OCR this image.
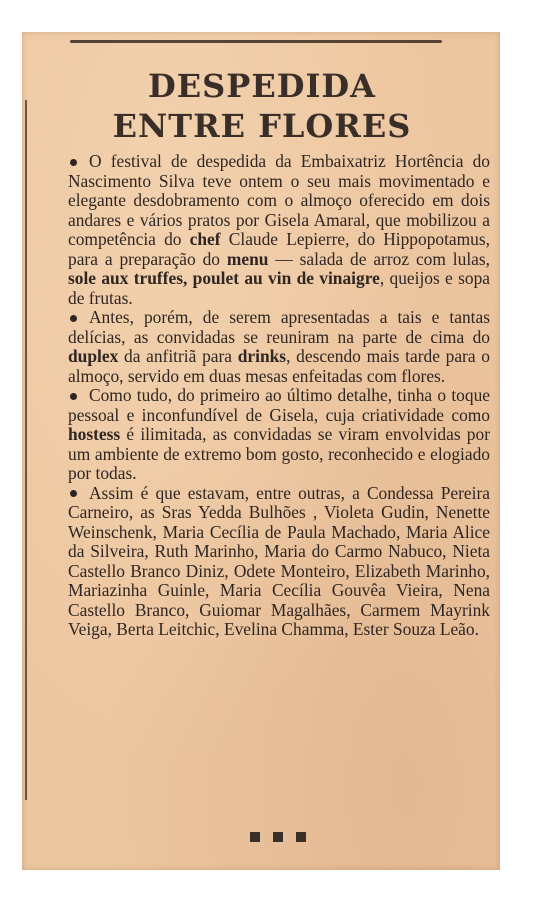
DESPEDIDA
ENTRE FLORES

O festival de despedida da Embaixatriz Hortência do Nascimento Silva teve ontem o seu mais movimentado e elegante desdobramento com o almoço oferecido em dois andares e vários pratos por Gisela Amaral, que mobilizou a competência do chef Claude Lepierre, do Hippopotamus, para a preparação do menu — salada de arroz com lulas, sole aux truffes, poulet au vin de vinaigre, queijos e sopa de frutas.

Antes, porém, de serem apresentadas a tais e tantas delícias, as convidadas se reuniram na parte de cima do duplex da anfitriã para drinks, descendo mais tarde para o almoço, servido em duas mesas enfeitadas com flores.

Como tudo, do primeiro ao último detalhe, tinha o toque pessoal e inconfundível de Gisela, cuja criatividade como hostess é ilimitada, as convidadas se viram envolvidas por um ambiente de extremo bom gosto, reconhecido e elogiado por todas.

Assim é que estavam, entre outras, a Condessa Pereira Carneiro, as Sras Yedda Bulhões , Violeta Gudin, Nenette Weinschenk, Maria Cecília de Paula Machado, Maria Alice da Silveira, Ruth Marinho, Maria do Carmo Nabuco, Nieta Castello Branco Diniz, Odete Monteiro, Elizabeth Marinho, Mariazinha Guinle, Maria Cecília Gouvêa Vieira, Nena Castello Branco, Guiomar Magalhães, Carmem Mayrink Veiga, Berta Leitchic, Evelina Chamma, Ester Souza Leão.
